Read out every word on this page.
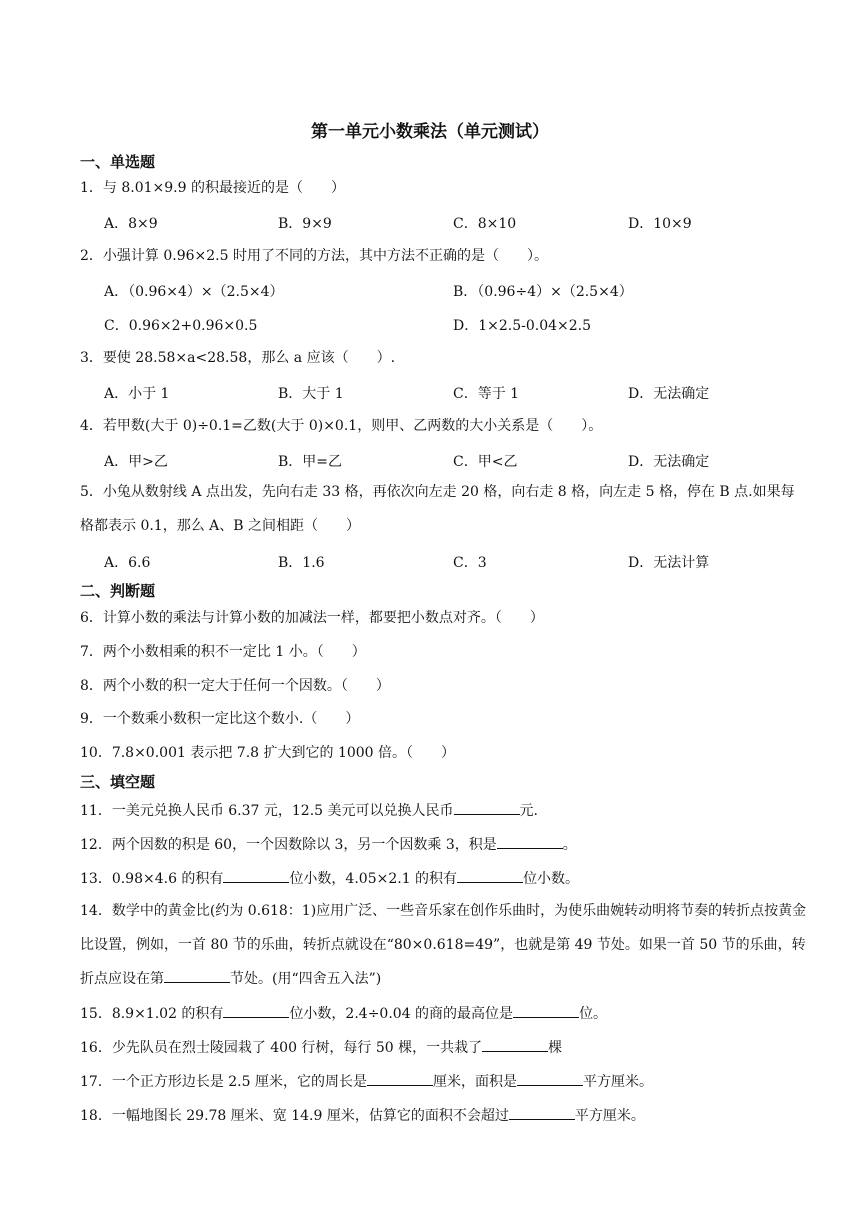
第一单元小数乘法（单元测试）
一、单选题
1．与 8.01×9.9 的积最接近的是（　　）
A．8×9	B．9×9	C．8×10	D．10×9
2．小强计算 0.96×2.5 时用了不同的方法，其中方法不正确的是（　　）。
A．（0.96×4）×（2.5×4）	B．（0.96÷4）×（2.5×4）
C．0.96×2+0.96×0.5	D．1×2.5-0.04×2.5
3．要使 28.58×a<28.58，那么 a 应该（　　）.
A．小于 1	B．大于 1	C．等于 1	D．无法确定
4．若甲数(大于 0)÷0.1=乙数(大于 0)×0.1，则甲、乙两数的大小关系是（　　）。
A．甲>乙	B．甲=乙	C．甲<乙	D．无法确定
5．小兔从数射线 A 点出发，先向右走 33 格，再依次向左走 20 格，向右走 8 格，向左走 5 格，停在 B 点.如果每格都表示 0.1，那么 A、B 之间相距（　　）
A．6.6	B．1.6	C．3	D．无法计算
二、判断题
6．计算小数的乘法与计算小数的加减法一样，都要把小数点对齐。（　　）
7．两个小数相乘的积不一定比 1 小。（　　）
8．两个小数的积一定大于任何一个因数。（　　）
9．一个数乘小数积一定比这个数小.（　　）
10．7.8×0.001 表示把 7.8 扩大到它的 1000 倍。（　　）
三、填空题
11．一美元兑换人民币 6.37 元，12.5 美元可以兑换人民币	元.
12．两个因数的积是 60，一个因数除以 3，另一个因数乘 3，积是	。
13．0.98×4.6 的积有	位小数，4.05×2.1 的积有	位小数。
14．数学中的黄金比(约为 0.618：1)应用广泛、一些音乐家在创作乐曲时，为使乐曲婉转动明将节奏的转折点按黄金比设置，例如，一首 80 节的乐曲，转折点就设在“80×0.618=49”，也就是第 49 节处。如果一首 50 节的乐曲，转折点应设在第	节处。(用“四舍五入法”)
15．8.9×1.02 的积有	位小数，2.4÷0.04 的商的最高位是	位。
16．少先队员在烈士陵园栽了 400 行树，每行 50 棵，一共栽了	棵
17．一个正方形边长是 2.5 厘米，它的周长是	厘米，面积是	平方厘米。
18．一幅地图长 29.78 厘米、宽 14.9 厘米，估算它的面积不会超过	平方厘米。
